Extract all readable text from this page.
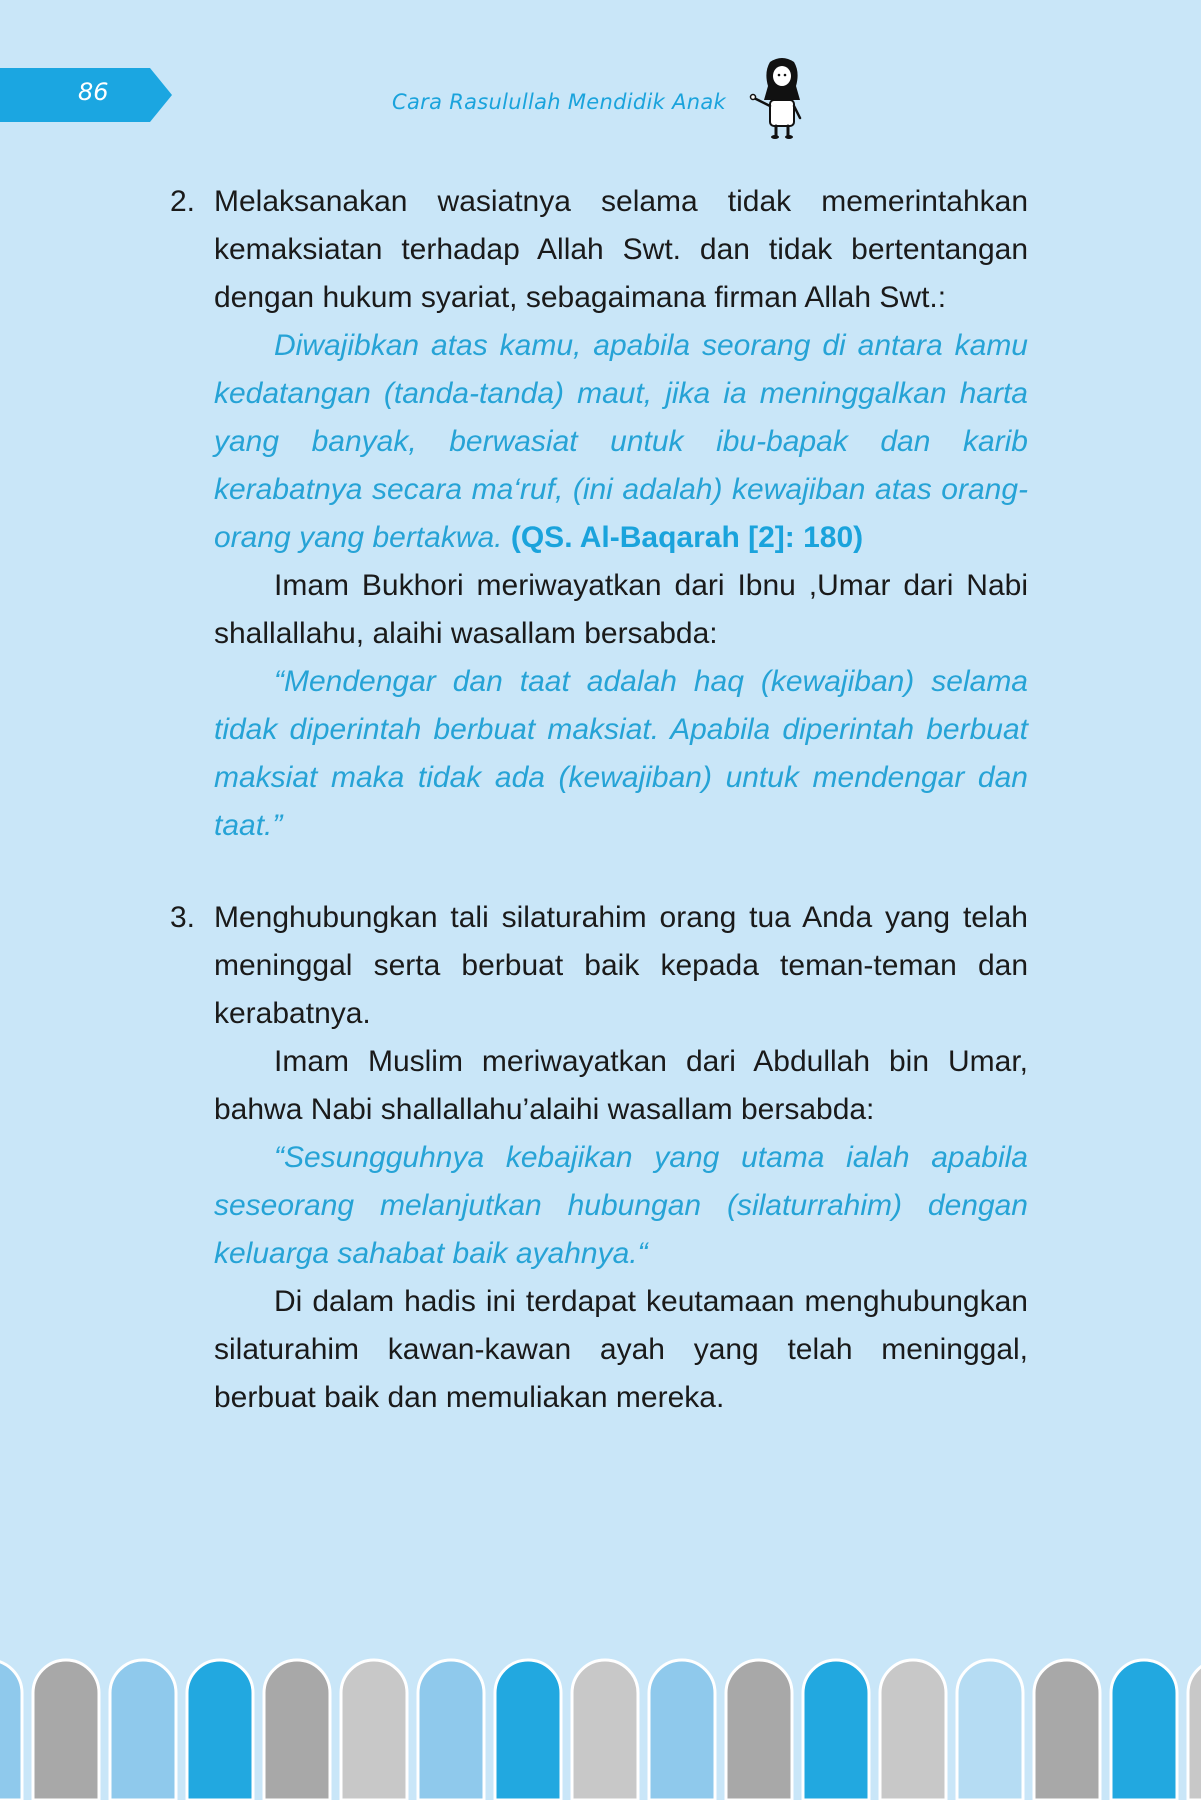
86	Cara Rasulullah Mendidik Anak
2. Melaksanakan wasiatnya selama tidak memerintahkan kemaksiatan terhadap Allah Swt. dan tidak bertentangan dengan hukum syariat, sebagaimana firman Allah Swt.:

Diwajibkan atas kamu, apabila seorang di antara kamu kedatangan (tanda-tanda) maut, jika ia meninggalkan harta yang banyak, berwasiat untuk ibu-bapak dan karib kerabatnya secara ma‘ruf, (ini adalah) kewajiban atas orang-orang yang bertakwa. (QS. Al-Baqarah [2]: 180)

Imam Bukhori meriwayatkan dari Ibnu ,Umar dari Nabi shallallahu, alaihi wasallam bersabda:

“Mendengar dan taat adalah haq (kewajiban) selama tidak diperintah berbuat maksiat. Apabila diperintah berbuat maksiat maka tidak ada (kewajiban) untuk mendengar dan taat.”

3. Menghubungkan tali silaturahim orang tua Anda yang telah meninggal serta berbuat baik kepada teman-teman dan kerabatnya.

Imam Muslim meriwayatkan dari Abdullah bin Umar, bahwa Nabi shallallahu’alaihi wasallam bersabda:

“Sesungguhnya kebajikan yang utama ialah apabila seseorang melanjutkan hubungan (silaturrahim) dengan keluarga sahabat baik ayahnya.“

Di dalam hadis ini terdapat keutamaan menghubungkan silaturahim kawan-kawan ayah yang telah meninggal, berbuat baik dan memuliakan mereka.
